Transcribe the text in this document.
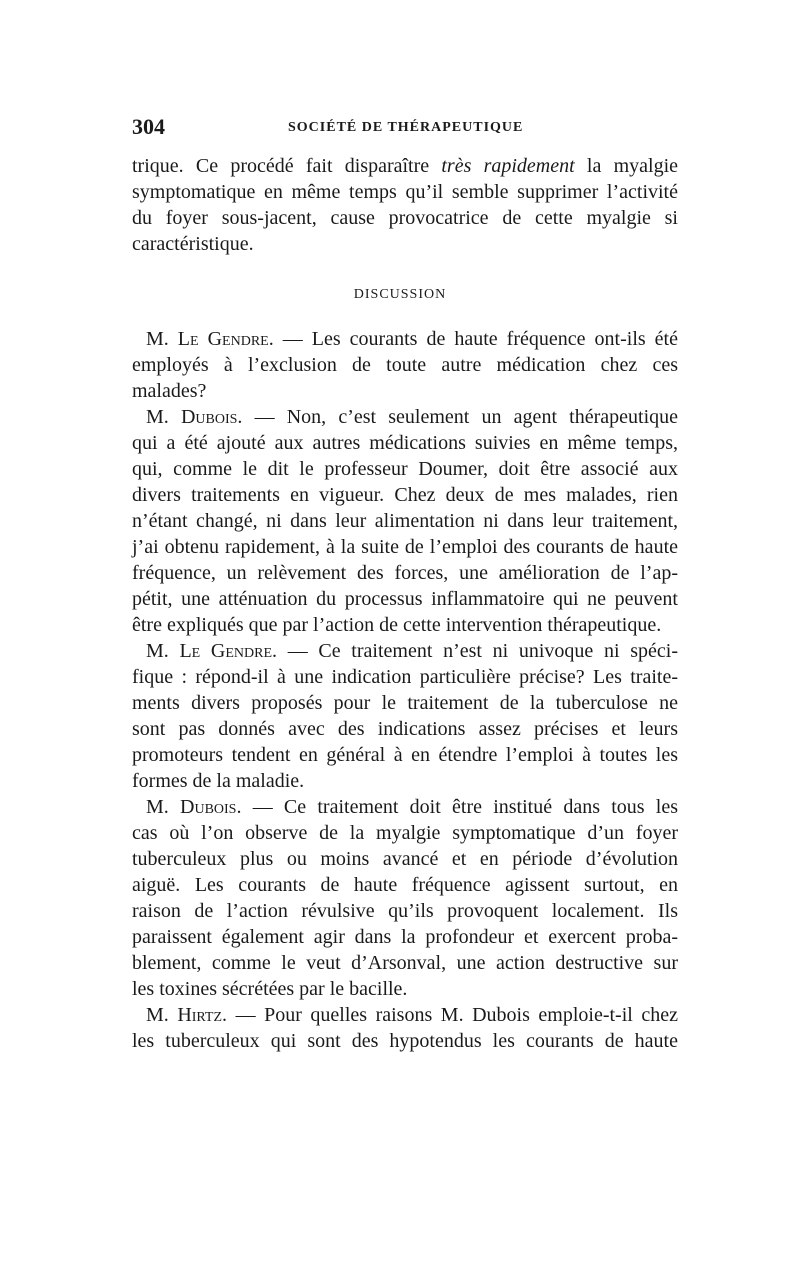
304	SOCIÉTÉ DE THÉRAPEUTIQUE
trique. Ce procédé fait disparaître très rapidement la myalgie
symptomatique en même temps qu’il semble supprimer l’activité
du foyer sous-jacent, cause provocatrice de cette myalgie si
caractéristique.
DISCUSSION
M. Le Gendre. — Les courants de haute fréquence ont-ils été
employés à l’exclusion de toute autre médication chez ces
malades?
M. Dubois. — Non, c’est seulement un agent thérapeutique
qui a été ajouté aux autres médications suivies en même temps,
qui, comme le dit le professeur Doumer, doit être associé aux
divers traitements en vigueur. Chez deux de mes malades, rien
n’étant changé, ni dans leur alimentation ni dans leur traitement,
j’ai obtenu rapidement, à la suite de l’emploi des courants de haute
fréquence, un relèvement des forces, une amélioration de l’ap-
pétit, une atténuation du processus inflammatoire qui ne peuvent
être expliqués que par l’action de cette intervention thérapeutique.
M. Le Gendre. — Ce traitement n’est ni univoque ni spéci-
fique : répond-il à une indication particulière précise? Les traite-
ments divers proposés pour le traitement de la tuberculose ne
sont pas donnés avec des indications assez précises et leurs
promoteurs tendent en général à en étendre l’emploi à toutes les
formes de la maladie.
M. Dubois. — Ce traitement doit être institué dans tous les
cas où l’on observe de la myalgie symptomatique d’un foyer
tuberculeux plus ou moins avancé et en période d’évolution
aiguë. Les courants de haute fréquence agissent surtout, en
raison de l’action révulsive qu’ils provoquent localement. Ils
paraissent également agir dans la profondeur et exercent proba-
blement, comme le veut d’Arsonval, une action destructive sur
les toxines sécrétées par le bacille.
M. Hirtz. — Pour quelles raisons M. Dubois emploie-t-il chez
les tuberculeux qui sont des hypotendus les courants de haute
